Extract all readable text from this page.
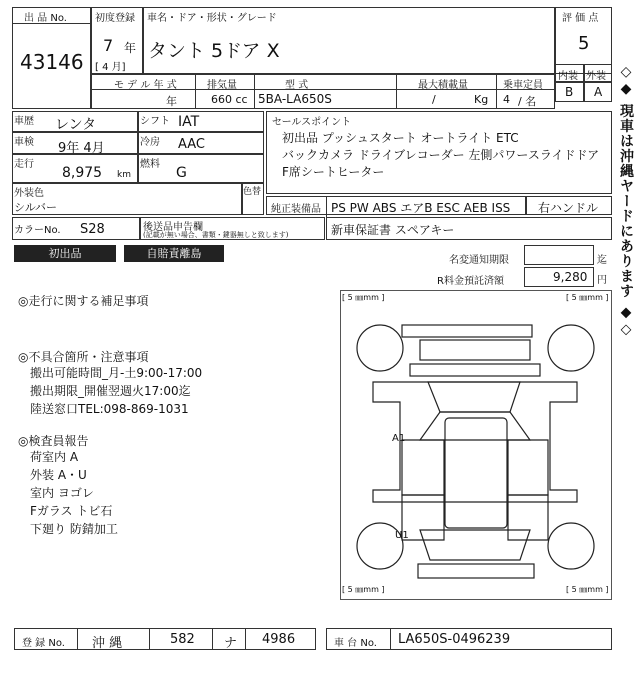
出 品 No.
43146
初度登録
7 年
[ 4 月]
車名・ドア・形状・グレード
タント 5ドア X
評 価 点
5
内装 外装
B A
モ デ ル 年 式
年
排気量
660 cc
型 式
5BA-LA650S
最大積載量
/	Kg
乗車定員
4 / 名
車歴 レンタ	シフト IAT
車検 9年 4月	冷房 AAC
走行
8,975 km
燃料
G
外装色
シルバー
色替
カラーNo. S28	後送品申告欄
(記載が無い場合、書類・鍵器無しと致します)
セールスポイント
初出品 プッシュスタート オートライト ETC
バックカメラ ドライブレコーダー 左側パワースライドドア
F席シートヒーター
純正装備品 PS PW ABS エアB ESC AEB ISS 右ハンドル
新車保証書 スペアキー
初出品	自賠責離島
名変通知期限	迄
R料金預託済額	9,280 円
◎走行に関する補足事項
◎不具合箇所・注意事項
搬出可能時間_月-土9:00-17:00
搬出期限_開催翌週火17:00迄
陸送窓口TEL:098-869-1031
◎検査員報告
荷室内 A
外装 A・U
室内 ヨゴレ
Fガラス トビ石
下廻り 防錆加工
[ 5 ㎜mm ]	[ 5 ㎜mm ]
[ 5 ㎜mm ]	[ 5 ㎜mm ]
A1
U1
登 録 No. 沖 縄	582 ナ 4986	車 台 No. LA650S-0496239
◇◆ 現車は沖縄ヤードにあります ◆◇
